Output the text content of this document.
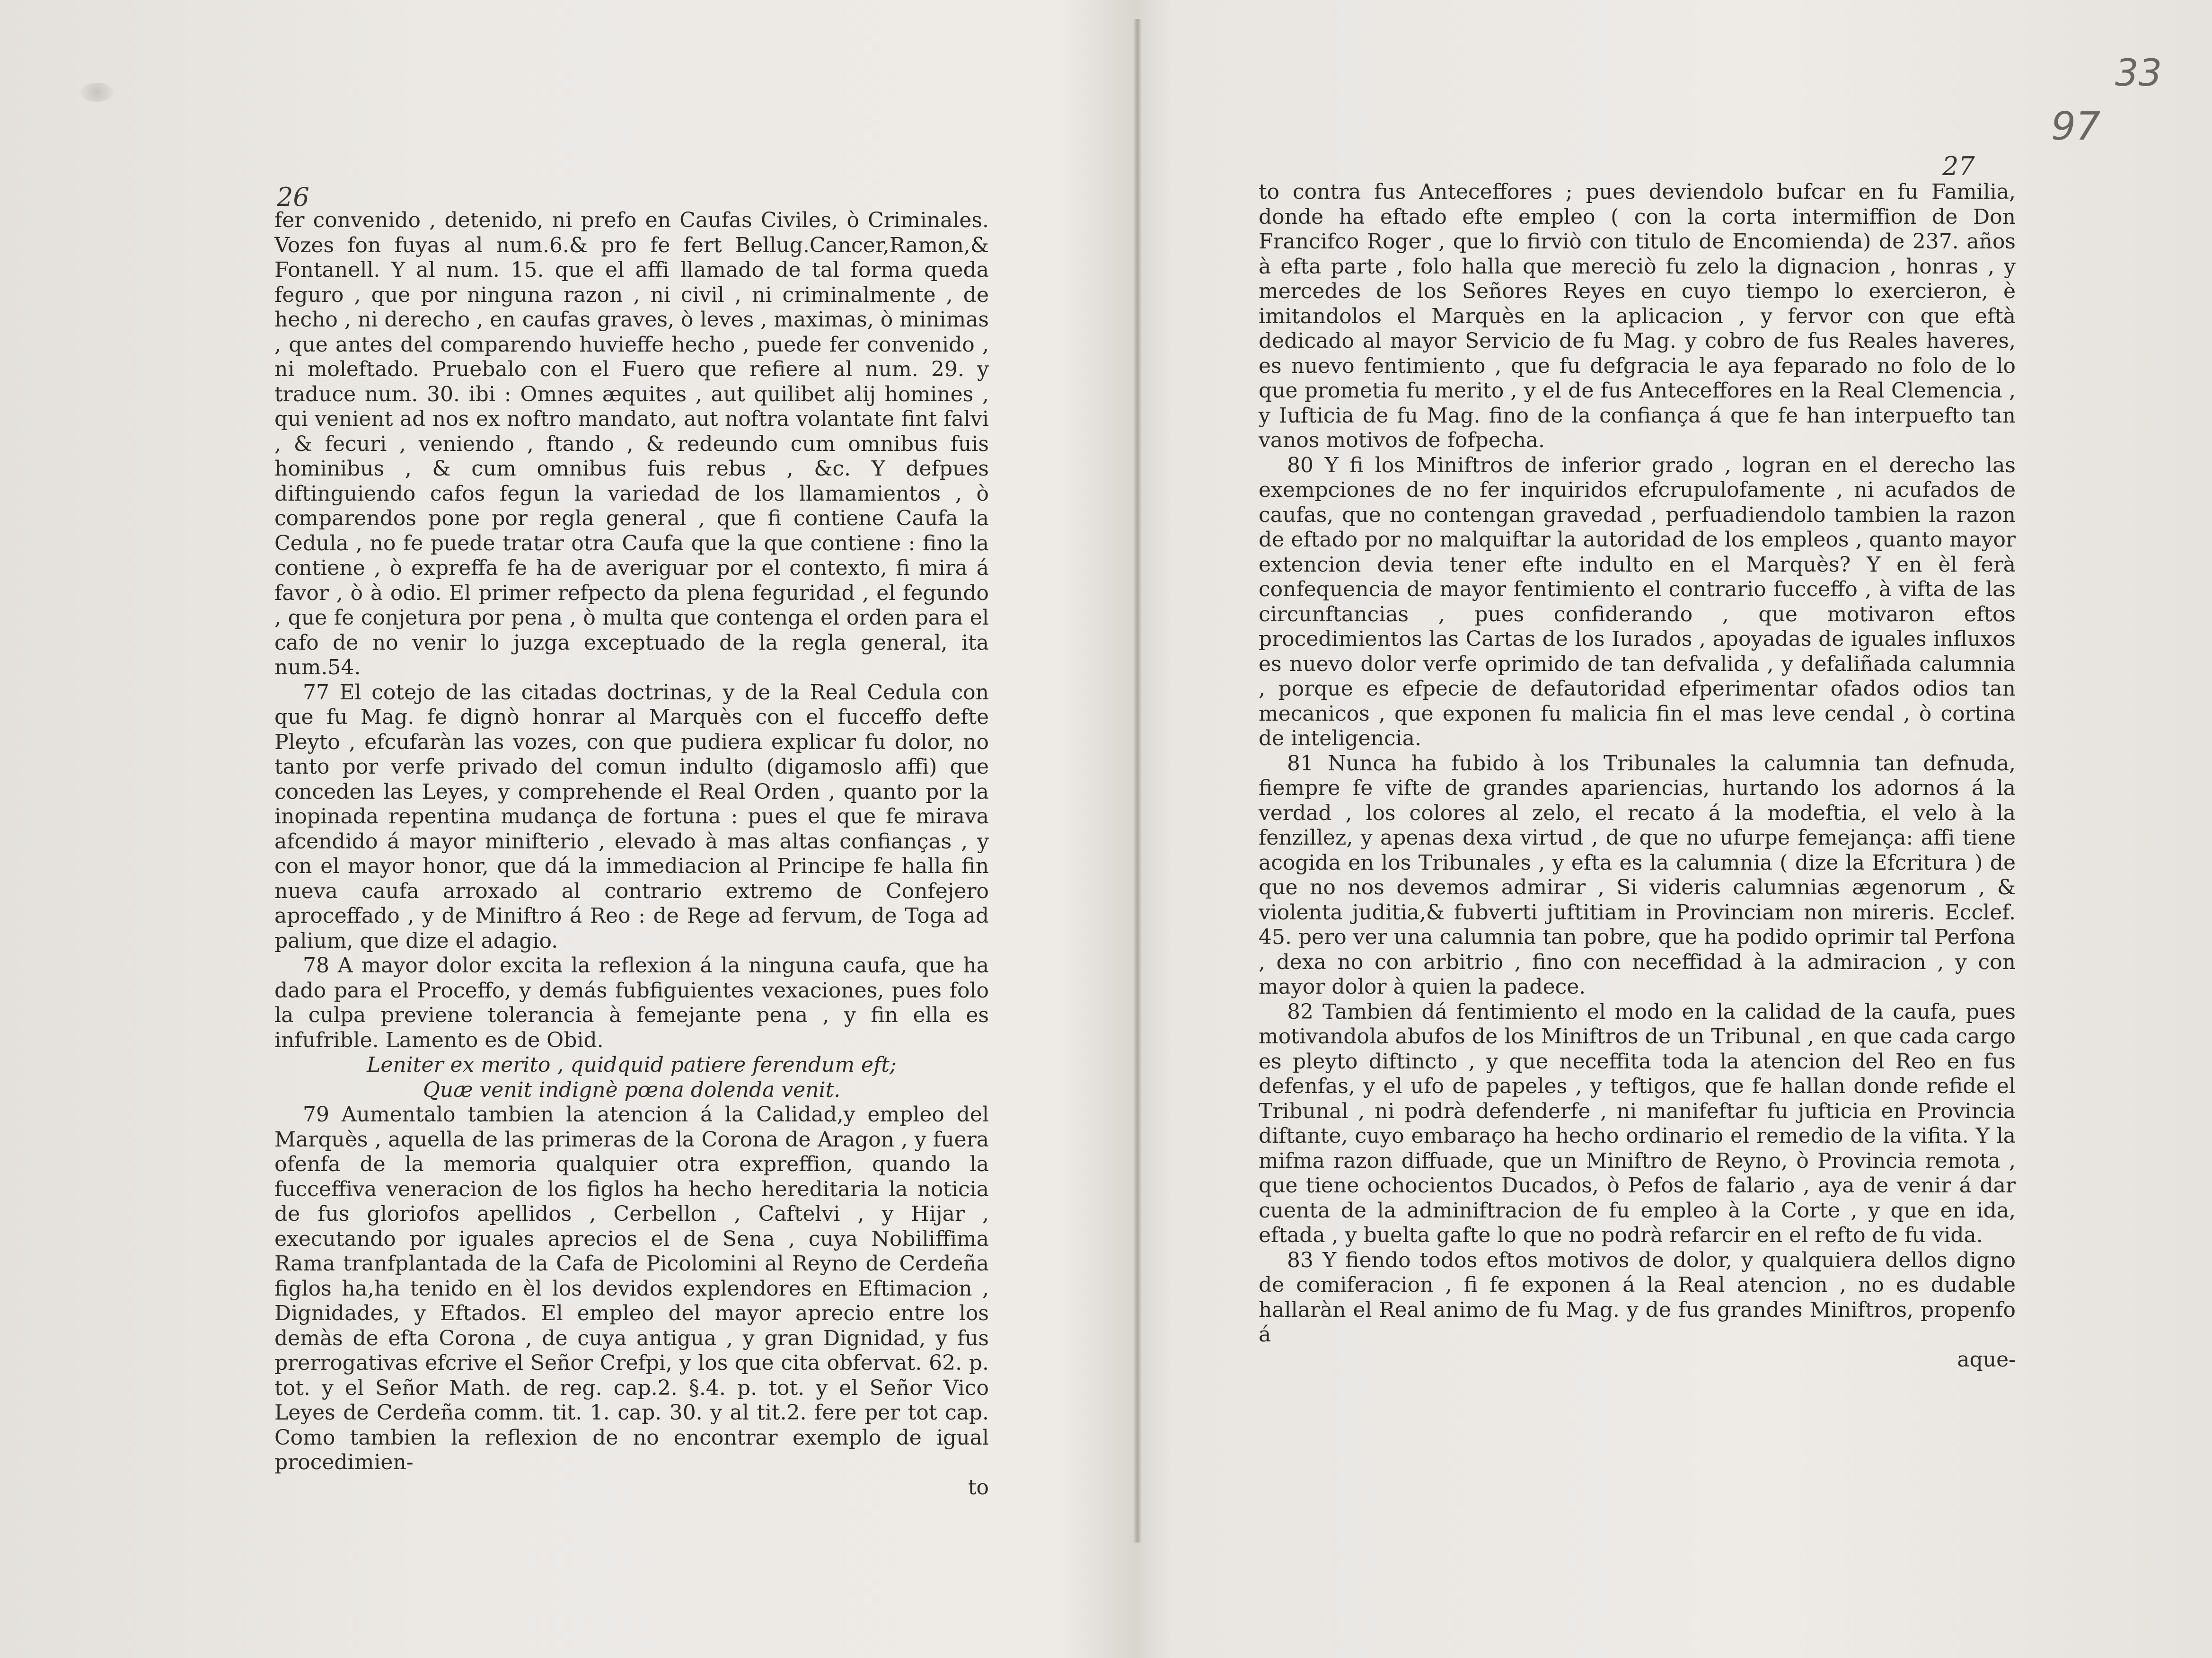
33
97
26
27

fer convenido , detenido, ni prefo en Caufas Civiles, ò Criminales. Vozes fon fuyas al num.6.& pro fe fert Bellug.Cancer,Ramon,& Fontanell. Y al num. 15. que el affi llamado de tal forma queda feguro , que por ninguna razon , ni civil , ni criminalmente , de hecho , ni derecho , en caufas graves, ò leves , maximas, ò minimas , que antes del comparendo huvieffe hecho , puede fer convenido , ni moleftado. Pruebalo con el Fuero que refiere al num. 29. y traduce num. 30. ibi : Omnes æquites , aut quilibet alij homines , qui venient ad nos ex noftro mandato, aut noftra volantate fint falvi , & fecuri , veniendo , ftando , & redeundo cum omnibus fuis hominibus , & cum omnibus fuis rebus , &c. Y defpues diftinguiendo cafos fegun la variedad de los llamamientos , ò comparendos pone por regla general , que fi contiene Caufa la Cedula , no fe puede tratar otra Caufa que la que contiene : fino la contiene , ò expreffa fe ha de averiguar por el contexto, fi mira á favor , ò à odio. El primer refpecto da plena feguridad , el fegundo , que fe conjetura por pena , ò multa que contenga el orden para el cafo de no venir lo juzga exceptuado de la regla general, ita num.54.

77 El cotejo de las citadas doctrinas, y de la Real Cedula con que fu Mag. fe dignò honrar al Marquès con el fucceffo defte Pleyto , efcufaràn las vozes, con que pudiera explicar fu dolor, no tanto por verfe privado del comun indulto (digamoslo affi) que conceden las Leyes, y comprehende el Real Orden , quanto por la inopinada repentina mudança de fortuna : pues el que fe mirava afcendido á mayor minifterio , elevado à mas altas confianças , y con el mayor honor, que dá la immediacion al Principe fe halla fin nueva caufa arroxado al contrario extremo de Confejero aproceffado , y de Miniftro á Reo : de Rege ad fervum, de Toga ad palium, que dize el adagio.

78 A mayor dolor excita la reflexion á la ninguna caufa, que ha dado para el Proceffo, y demás fubfiguientes vexaciones, pues folo la culpa previene tolerancia à femejante pena , y fin ella es infufrible. Lamento es de Obid.

Leniter ex merito , quidquid patiere ferendum eft;

Quæ venit indignè pœna dolenda venit.

79 Aumentalo tambien la atencion á la Calidad,y empleo del Marquès , aquella de las primeras de la Corona de Aragon , y fuera ofenfa de la memoria qualquier otra expreffion, quando la fucceffiva veneracion de los figlos ha hecho hereditaria la noticia de fus gloriofos apellidos , Cerbellon , Caftelvi , y Hijar , executando por iguales aprecios el de Sena , cuya Nobiliffima Rama tranfplantada de la Cafa de Picolomini al Reyno de Cerdeña figlos ha,ha tenido en èl los devidos explendores en Eftimacion , Dignidades, y Eftados. El empleo del mayor aprecio entre los demàs de efta Corona , de cuya antigua , y gran Dignidad, y fus prerrogativas efcrive el Señor Crefpi, y los que cita obfervat. 62. p. tot. y el Señor Math. de reg. cap.2. §.4. p. tot. y el Señor Vico Leyes de Cerdeña comm. tit. 1. cap. 30. y al tit.2. fere per tot cap. Como tambien la reflexion de no encontrar exemplo de igual procedimien-

to

to contra fus Anteceffores ; pues deviendolo bufcar en fu Familia, donde ha eftado efte empleo ( con la corta intermiffion de Don Francifco Roger , que lo firviò con titulo de Encomienda) de 237. años à efta parte , folo halla que mereciò fu zelo la dignacion , honras , y mercedes de los Señores Reyes en cuyo tiempo lo exercieron, è imitandolos el Marquès en la aplicacion , y fervor con que eftà dedicado al mayor Servicio de fu Mag. y cobro de fus Reales haveres, es nuevo fentimiento , que fu defgracia le aya feparado no folo de lo que prometia fu merito , y el de fus Anteceffores en la Real Clemencia , y Iufticia de fu Mag. fino de la confiança á que fe han interpuefto tan vanos motivos de fofpecha.

80 Y fi los Miniftros de inferior grado , logran en el derecho las exempciones de no fer inquiridos efcrupulofamente , ni acufados de caufas, que no contengan gravedad , perfuadiendolo tambien la razon de eftado por no malquiftar la autoridad de los empleos , quanto mayor extencion devia tener efte indulto en el Marquès? Y en èl ferà confequencia de mayor fentimiento el contrario fucceffo , à vifta de las circunftancias , pues confiderando , que motivaron eftos procedimientos las Cartas de los Iurados , apoyadas de iguales influxos es nuevo dolor verfe oprimido de tan defvalida , y defaliñada calumnia , porque es efpecie de defautoridad efperimentar ofados odios tan mecanicos , que exponen fu malicia fin el mas leve cendal , ò cortina de inteligencia.

81 Nunca ha fubido à los Tribunales la calumnia tan defnuda, fiempre fe vifte de grandes apariencias, hurtando los adornos á la verdad , los colores al zelo, el recato á la modeftia, el velo à la fenzillez, y apenas dexa virtud , de que no ufurpe femejança: affi tiene acogida en los Tribunales , y efta es la calumnia ( dize la Efcritura ) de que no nos devemos admirar , Si videris calumnias ægenorum , & violenta juditia,& fubverti juftitiam in Provinciam non mireris. Ecclef. 45. pero ver una calumnia tan pobre, que ha podido oprimir tal Perfona , dexa no con arbitrio , fino con neceffidad à la admiracion , y con mayor dolor à quien la padece.

82 Tambien dá fentimiento el modo en la calidad de la caufa, pues motivandola abufos de los Miniftros de un Tribunal , en que cada cargo es pleyto diftincto , y que neceffita toda la atencion del Reo en fus defenfas, y el ufo de papeles , y teftigos, que fe hallan donde refide el Tribunal , ni podrà defenderfe , ni manifeftar fu jufticia en Provincia diftante, cuyo embaraço ha hecho ordinario el remedio de la vifita. Y la mifma razon diffuade, que un Miniftro de Reyno, ò Provincia remota , que tiene ochocientos Ducados, ò Pefos de falario , aya de venir á dar cuenta de la adminiftracion de fu empleo à la Corte , y que en ida, eftada , y buelta gafte lo que no podrà refarcir en el refto de fu vida.

83 Y fiendo todos eftos motivos de dolor, y qualquiera dellos digno de comiferacion , fi fe exponen á la Real atencion , no es dudable hallaràn el Real animo de fu Mag. y de fus grandes Miniftros, propenfo á

aque-
